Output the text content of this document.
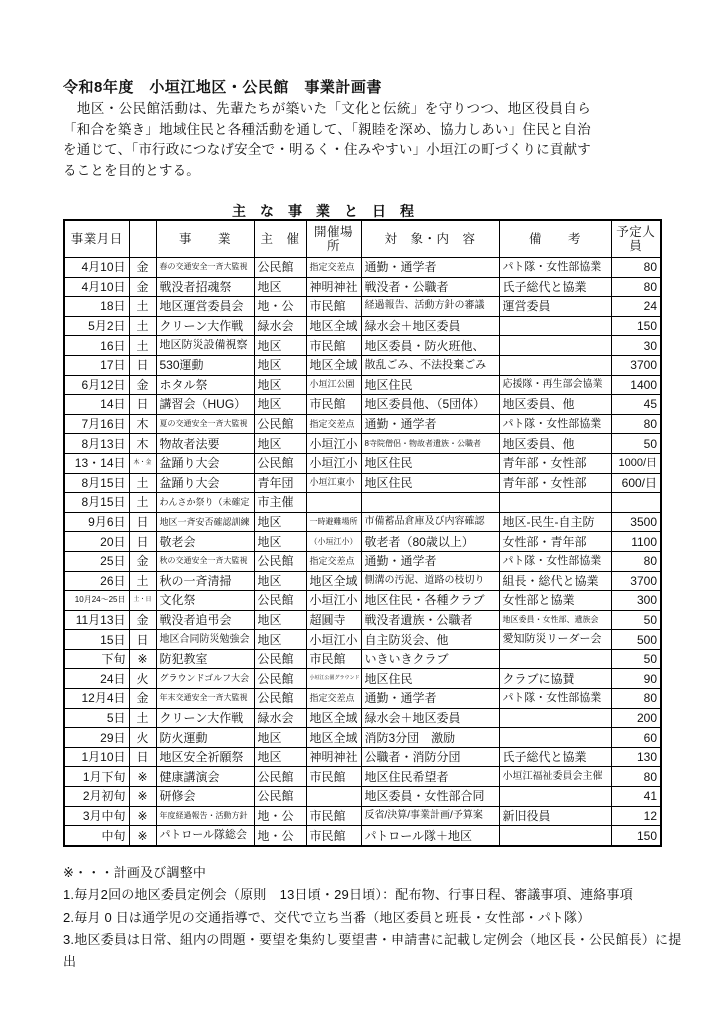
令和8年度　小垣江地区・公民館　事業計画書
　地区・公民館活動は、先輩たちが築いた「文化と伝統」を守りつつ、地区役員自ら「和合を築き」地域住民と各種活動を通して、「親睦を深め、協力しあい」住民と自治を通じて、「市行政につなげ安全で・明るく・住みやすい」小垣江の町づくりに貢献することを目的とする。
主　な　事　業　と　日　程
事業月日		事　　業	主　催	開催場所	対　象・内　容	備　　考	予定人員
4月10日	金	春の交通安全一斉大監視	公民館	指定交差点	通勤・通学者	パト隊・女性部協業	80
4月10日	金	戦没者招魂祭	地区	神明神社	戦没者・公職者	氏子総代と協業	80
18日	土	地区運営委員会	地・公	市民館	経過報告、活動方針の審議	運営委員	24
5月2日	土	クリーン大作戦	緑水会	地区全域	緑水会＋地区委員		150
16日	土	地区防災設備視察	地区	市民館	地区委員・防火班他、		30
17日	日	530運動	地区	地区全域	散乱ごみ、不法投棄ごみ		3700
6月12日	金	ホタル祭	地区	小垣江公園	地区住民	応援隊・再生部会協業	1400
14日	日	講習会（HUG）	地区	市民館	地区委員他、（5団体）	地区委員、他	45
7月16日	木	夏の交通安全一斉大監視	公民館	指定交差点	通勤・通学者	パト隊・女性部協業	80
8月13日	木	物故者法要	地区	小垣江小	8寺院僧侶・物故者遺族・公職者	地区委員、他	50
13・14日	木・金	盆踊り大会	公民館	小垣江小	地区住民	青年部・女性部	1000/日
8月15日	土	盆踊り大会	青年団	小垣江東小	地区住民	青年部・女性部	600/日
8月15日	土	わんさか祭り（未確定	市主催				
9月6日	日	地区一斉安否確認訓練	地区	一時避難場所	市備蓄品倉庫及び内容確認	地区-民生-自主防	3500
20日	日	敬老会	地区	（小垣江小）	敬老者（80歳以上）	女性部・青年部	1100
25日	金	秋の交通安全一斉大監視	公民館	指定交差点	通勤・通学者	パト隊・女性部協業	80
26日	土	秋の一斉清掃	地区	地区全域	側溝の汚泥、道路の枝切り	組長・総代と協業	3700
10月24～25日	土・日	文化祭	公民館	小垣江小	地区住民・各種クラブ	女性部と協業	300
11月13日	金	戦没者追弔会	地区	超圓寺	戦没者遺族・公職者	地区委員・女性部、遺族会	50
15日	日	地区合同防災勉強会	地区	小垣江小	自主防災会、他	愛知防災リーダー会	500
下旬	※	防犯教室	公民館	市民館	いきいきクラブ		50
24日	火	グラウンドゴルフ大会	公民館	小垣江公園グラウンド	地区住民	クラブに協賛	90
12月4日	金	年末交通安全一斉大監視	公民館	指定交差点	通勤・通学者	パト隊・女性部協業	80
5日	土	クリーン大作戦	緑水会	地区全域	緑水会＋地区委員		200
29日	火	防火運動	地区	地区全域	消防3分団　激励		60
1月10日	日	地区安全祈願祭	地区	神明神社	公職者・消防分団	氏子総代と協業	130
1月下旬	※	健康講演会	公民館	市民館	地区住民希望者	小垣江福祉委員会主催	80
2月初旬	※	研修会	公民館		地区委員・女性部合同		41
3月中旬	※	年度経過報告・活動方針	地・公	市民館	反省/決算/事業計画/予算案	新旧役員	12
中旬	※	パトロール隊総会	地・公	市民館	パトロール隊＋地区		150
※・・・計画及び調整中
1.毎月2回の地区委員定例会（原則　13日頃・29日頃）：配布物、行事日程、審議事項、連絡事項
2.毎月 0 日は通学児の交通指導で、交代で立ち当番（地区委員と班長・女性部・パト隊）
3.地区委員は日常、組内の問題・要望を集約し要望書・申請書に記載し定例会（地区長・公民館長）に提出
